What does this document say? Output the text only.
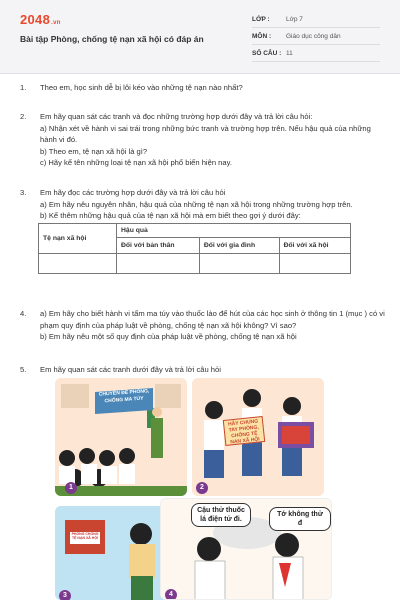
2048.vn
Bài tập Phòng, chống tệ nạn xã hội có đáp án
LỚP :	Lớp 7
MÔN : Giáo dục công dân
SỐ CÂU : 11
1. Theo em, học sinh dễ bị lôi kéo vào những tệ nạn nào nhất?

2. Em hãy quan sát các tranh và đọc những trường hợp dưới đây và trả lời câu hỏi:

a) Nhận xét về hành vi sai trái trong những bức tranh và trường hợp trên. Nếu hậu quả của những hành vi đó.

b) Theo em, tệ nạn xã hội là gì?

c) Hãy kể tên những loại tệ nạn xã hội phổ biến hiện nay.

3. Em hãy đọc các trường hợp dưới đây và trả lời câu hỏi

a) Em hãy nêu nguyên nhân, hậu quả của những tệ nạn xã hội trong những trường hợp trên.

b) Kể thêm những hậu quả của tệ nạn xã hội mà em biết theo gợi ý dưới đây:

Tệ nạn xã hội	Hậu quả		
	Đối với bản thân	Đối với gia đình	Đối với xã hội

4. a) Em hãy cho biết hành vi tẩm ma túy vào thuốc lào để hút của các học sinh ở thông tin 1 (mục ) có vi phạm quy định của pháp luật về phòng, chống tệ nạn xã hội không? Vì sao?

b) Em hãy nêu một số quy định của pháp luật về phòng, chống tệ nạn xã hội

5. Em hãy quan sát các tranh dưới đây và trả lời câu hỏi

CHUYÊN ĐỀ PHÒNG, CHỐNG MA TÚY
1
HÃY CHUNG TAY PHÒNG, CHỐNG TỆ NẠN XÃ HỘI
2
PHÒNG CHỐNG TỆ NẠN XÃ HỘI
3
Cậu thử thuốc lá điện tử đi.
Tớ không thử đ
4
